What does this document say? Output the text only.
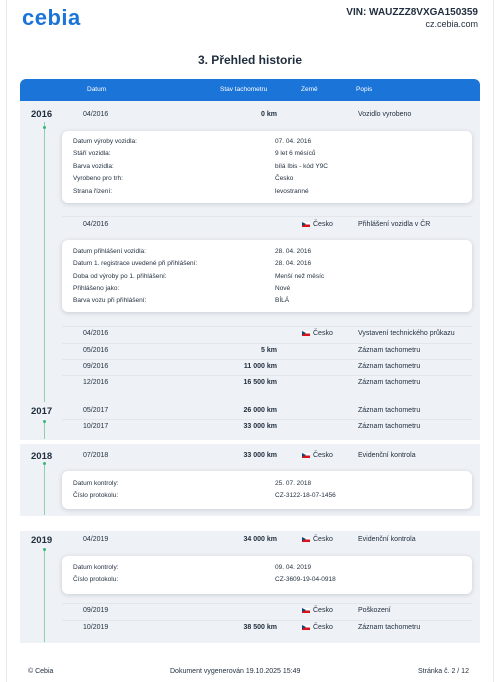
cebia	VIN: WAUZZZ8VXGA150359
cz.cebia.com
3. Přehled historie
Datum	Stav tachometru	Země	Popis
2016
2017
2018
2019
04/2016	0 km	Vozidlo vyrobeno
Datum výroby vozidla:	07. 04. 2016
Stáří vozidla:	9 let 6 měsíců
Barva vozidla:	bílá Ibis - kód Y9C
Vyrobeno pro trh:	Česko
Strana řízení:	levostranné
04/2016	Česko	Přihlášení vozidla v ČR
Datum přihlášení vozidla:	28. 04. 2016
Datum 1. registrace uvedené při přihlášení:	28. 04. 2016
Doba od výroby po 1. přihlášení:	Menší než měsíc
Přihlášeno jako:	Nové
Barva vozu při přihlášení:	BÍLÁ
04/2016	Česko	Vystavení technického průkazu
05/2016	5 km	Záznam tachometru
09/2016	11 000 km	Záznam tachometru
12/2016	16 500 km	Záznam tachometru
05/2017	26 000 km	Záznam tachometru
10/2017	33 000 km	Záznam tachometru
07/2018	33 000 km	Česko	Evidenční kontrola
Datum kontroly:	25. 07. 2018
Číslo protokolu:	CZ-3122-18-07-1456
04/2019	34 000 km	Česko	Evidenční kontrola
Datum kontroly:	09. 04. 2019
Číslo protokolu:	CZ-3609-19-04-0918
09/2019	Česko	Poškození
10/2019	38 500 km	Česko	Záznam tachometru
© Cebia	Dokument vygenerován 19.10.2025 15:49	Stránka č. 2 / 12
